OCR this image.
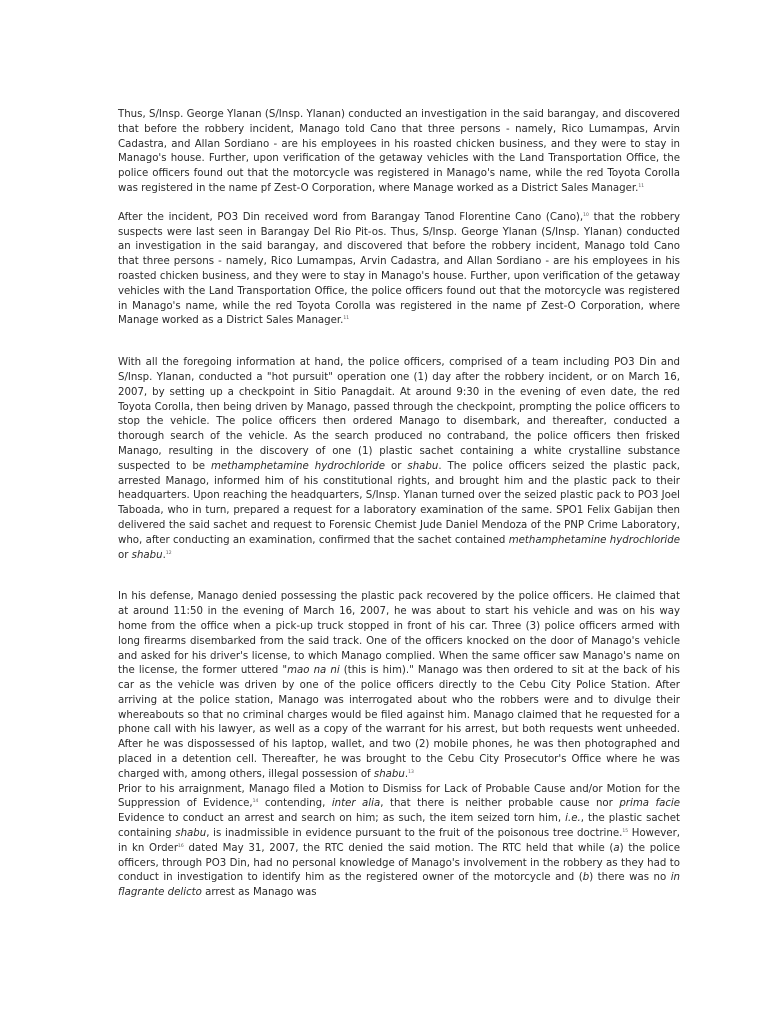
Thus, S/Insp. George Ylanan (S/Insp. Ylanan) conducted an investigation in the said barangay, and discovered that before the robbery incident, Manago told Cano that three persons - namely, Rico Lumampas, Arvin Cadastra, and Allan Sordiano - are his employees in his roasted chicken business, and they were to stay in Manago's house. Further, upon verification of the getaway vehicles with the Land Transportation Office, the police officers found out that the motorcycle was registered in Manago's name, while the red Toyota Corolla was registered in the name pf Zest-O Corporation, where Manage worked as a District Sales Manager.$^{11}$

After the incident, PO3 Din received word from Barangay Tanod Florentine Cano (Cano),$^{10}$ that the robbery suspects were last seen in Barangay Del Rio Pit-os. Thus, S/Insp. George Ylanan (S/Insp. Ylanan) conducted an investigation in the said barangay, and discovered that before the robbery incident, Manago told Cano that three persons - namely, Rico Lumampas, Arvin Cadastra, and Allan Sordiano - are his employees in his roasted chicken business, and they were to stay in Manago's house. Further, upon verification of the getaway vehicles with the Land Transportation Office, the police officers found out that the motorcycle was registered in Manago's name, while the red Toyota Corolla was registered in the name pf Zest-O Corporation, where Manage worked as a District Sales Manager.$^{11}$

With all the foregoing information at hand, the police officers, comprised of a team including PO3 Din and S/Insp. Ylanan, conducted a "hot pursuit" operation one (1) day after the robbery incident, or on March 16, 2007, by setting up a checkpoint in Sitio Panagdait. At around 9:30 in the evening of even date, the red Toyota Corolla, then being driven by Manago, passed through the checkpoint, prompting the police officers to stop the vehicle. The police officers then ordered Manago to disembark, and thereafter, conducted a thorough search of the vehicle. As the search produced no contraband, the police officers then frisked Manago, resulting in the discovery of one (1) plastic sachet containing a white crystalline substance suspected to be methamphetamine hydrochloride or shabu. The police officers seized the plastic pack, arrested Manago, informed him of his constitutional rights, and brought him and the plastic pack to their headquarters. Upon reaching the headquarters, S/Insp. Ylanan turned over the seized plastic pack to PO3 Joel Taboada, who in turn, prepared a request for a laboratory examination of the same. SPO1 Felix Gabijan then delivered the said sachet and request to Forensic Chemist Jude Daniel Mendoza of the PNP Crime Laboratory, who, after conducting an examination, confirmed that the sachet contained methamphetamine hydrochloride or shabu.$^{12}$

In his defense, Manago denied possessing the plastic pack recovered by the police officers. He claimed that at around 11:50 in the evening of March 16, 2007, he was about to start his vehicle and was on his way home from the office when a pick-up truck stopped in front of his car. Three (3) police officers armed with long firearms disembarked from the said track. One of the officers knocked on the door of Manago's vehicle and asked for his driver's license, to which Manago complied. When the same officer saw Manago's name on the license, the former uttered "mao na ni (this is him)." Manago was then ordered to sit at the back of his car as the vehicle was driven by one of the police officers directly to the Cebu City Police Station. After arriving at the police station, Manago was interrogated about who the robbers were and to divulge their whereabouts so that no criminal charges would be filed against him. Manago claimed that he requested for a phone call with his lawyer, as well as a copy of the warrant for his arrest, but both requests went unheeded. After he was dispossessed of his laptop, wallet, and two (2) mobile phones, he was then photographed and placed in a detention cell. Thereafter, he was brought to the Cebu City Prosecutor's Office where he was charged with, among others, illegal possession of shabu.$^{13}$

Prior to his arraignment, Manago filed a Motion to Dismiss for Lack of Probable Cause and/or Motion for the Suppression of Evidence,$^{14}$ contending, inter alia, that there is neither probable cause nor prima facie Evidence to conduct an arrest and search on him; as such, the item seized torn him, i.e., the plastic sachet containing shabu, is inadmissible in evidence pursuant to the fruit of the poisonous tree doctrine.$^{15}$ However, in kn Order$^{16}$ dated May 31, 2007, the RTC denied the said motion. The RTC held that while (a) the police officers, through PO3 Din, had no personal knowledge of Manago's involvement in the robbery as they had to conduct in investigation to identify him as the registered owner of the motorcycle and (b) there was no in flagrante delicto arrest as Manago was
